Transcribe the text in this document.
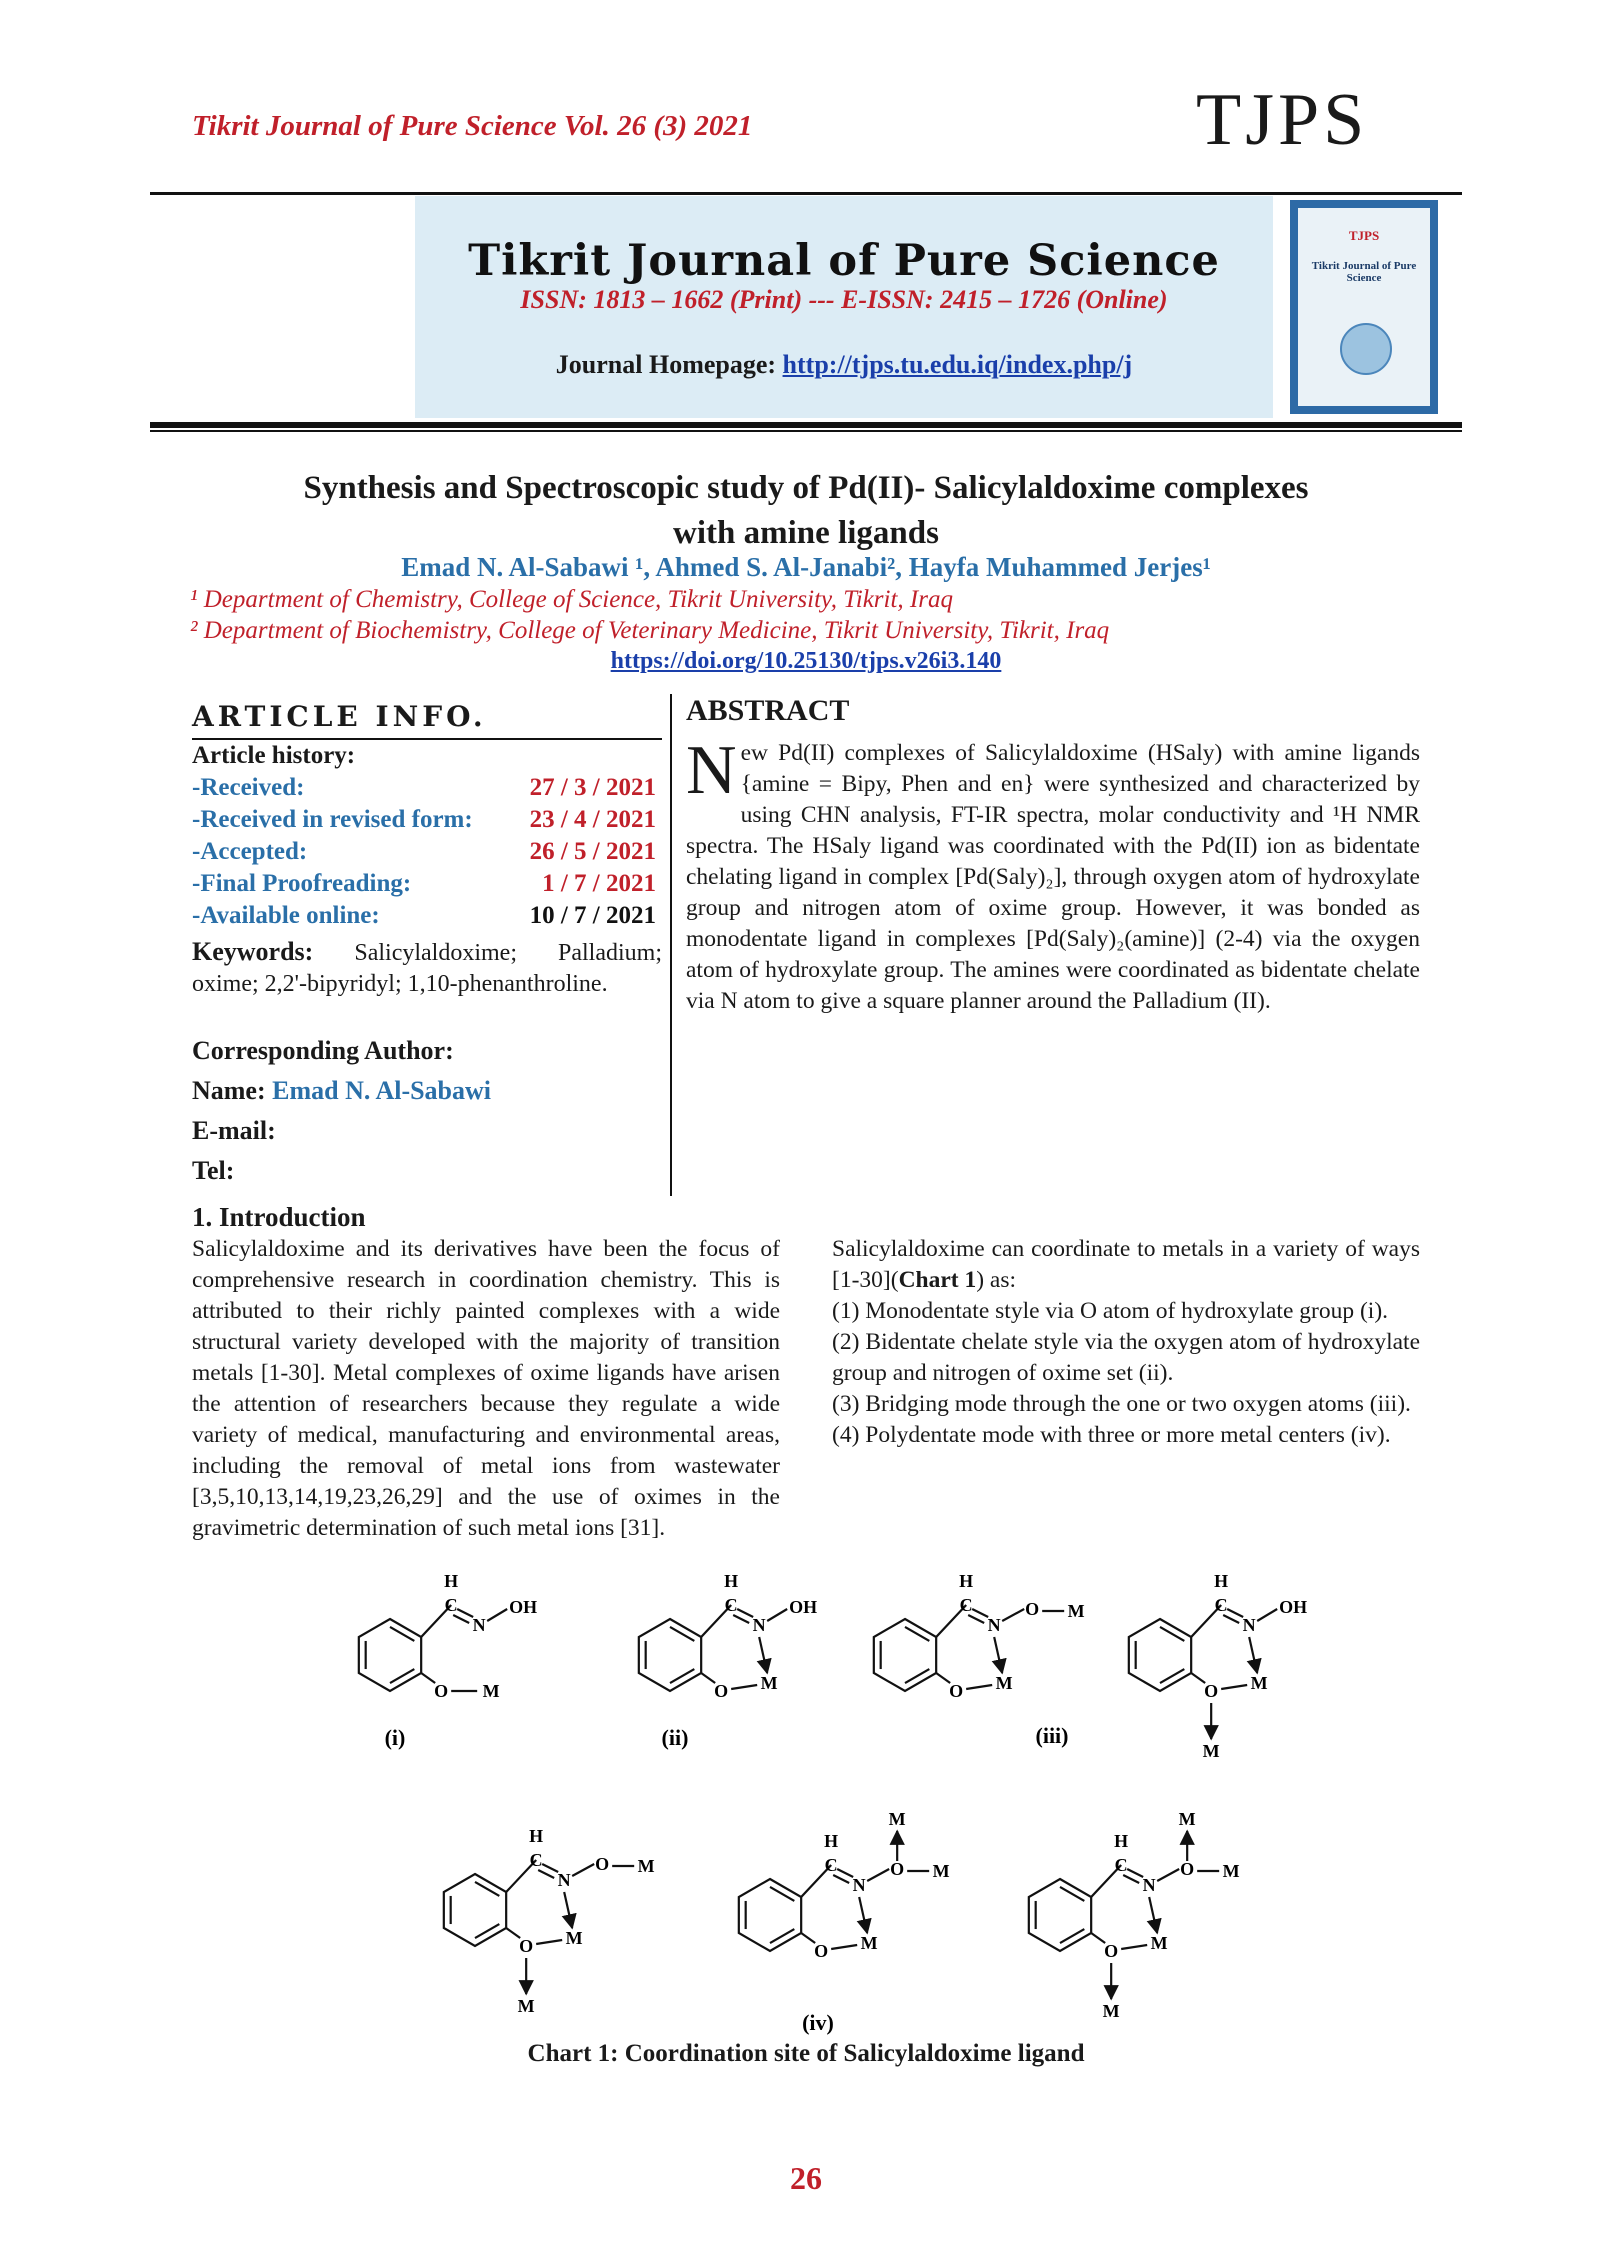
Tikrit Journal of Pure Science Vol. 26 (3) 2021	TJPS
Tikrit Journal of Pure Science
ISSN: 1813 – 1662 (Print) --- E-ISSN: 2415 – 1726 (Online)
Journal Homepage: http://tjps.tu.edu.iq/index.php/j
TJPS
Tikrit Journal of Pure Science
Synthesis and Spectroscopic study of Pd(II)- Salicylaldoxime complexes
with amine ligands
Emad N. Al-Sabawi ¹, Ahmed S. Al-Janabi², Hayfa Muhammed Jerjes¹
¹ Department of Chemistry, College of Science, Tikrit University, Tikrit, Iraq
² Department of Biochemistry, College of Veterinary Medicine, Tikrit University, Tikrit, Iraq
https://doi.org/10.25130/tjps.v26i3.140
ARTICLE INFO.
Article history:
-Received:	27 / 3 / 2021
-Received in revised form: 23 / 4 / 2021
-Accepted:	26 / 5 / 2021
-Final Proofreading:	1 / 7 / 2021
-Available online:	10 / 7 / 2021
Keywords: Salicylaldoxime; Palladium; oxime; 2,2'-bipyridyl; 1,10-phenanthroline.
Corresponding Author:
Name: Emad N. Al-Sabawi
E-mail:
Tel:
ABSTRACT
N ew Pd(II) complexes of Salicylaldoxime (HSaly) with amine ligands {amine = Bipy, Phen and en} were synthesized and characterized by using CHN analysis, FT-IR spectra, molar conductivity and ¹H NMR spectra. The HSaly ligand was coordinated with the Pd(II) ion as bidentate chelating ligand in complex [Pd(Saly)₂], through oxygen atom of hydroxylate group and nitrogen atom of oxime group. However, it was bonded as monodentate ligand in complexes [Pd(Saly)₂(amine)] (2-4) via the oxygen atom of hydroxylate group. The amines were coordinated as bidentate chelate via N atom to give a square planner around the Palladium (II).
1. Introduction
Salicylaldoxime and its derivatives have been the focus of comprehensive research in coordination chemistry. This is attributed to their richly painted complexes with a wide structural variety developed with the majority of transition metals [1-30]. Metal complexes of oxime ligands have arisen the attention of researchers because they regulate a wide variety of medical, manufacturing and environmental areas, including the removal of metal ions from wastewater [3,5,10,13,14,19,23,26,29] and the use of oximes in the gravimetric determination of such metal ions [31].

Salicylaldoxime can coordinate to metals in a variety of ways [1-30](Chart 1) as:

(1) Monodentate style via O atom of hydroxylate group (i).

(2) Bidentate chelate style via the oxygen atom of hydroxylate group and nitrogen of oxime set (ii).

(3) Bridging mode through the one or two oxygen atoms (iii).

(4) Polydentate mode with three or more metal centers (iv).

H
C
N
OH
O M
H
C
N
OH
O M
H
C
N
O M
O M
H
C
N
OH
O M
M
H
C
N
O M
O M
M
H
C
N
O M
O M
M
H
C
N
O M
O M
M
M
(i)	(ii)	(iii)
(iv)
Chart 1: Coordination site of Salicylaldoxime ligand
26
